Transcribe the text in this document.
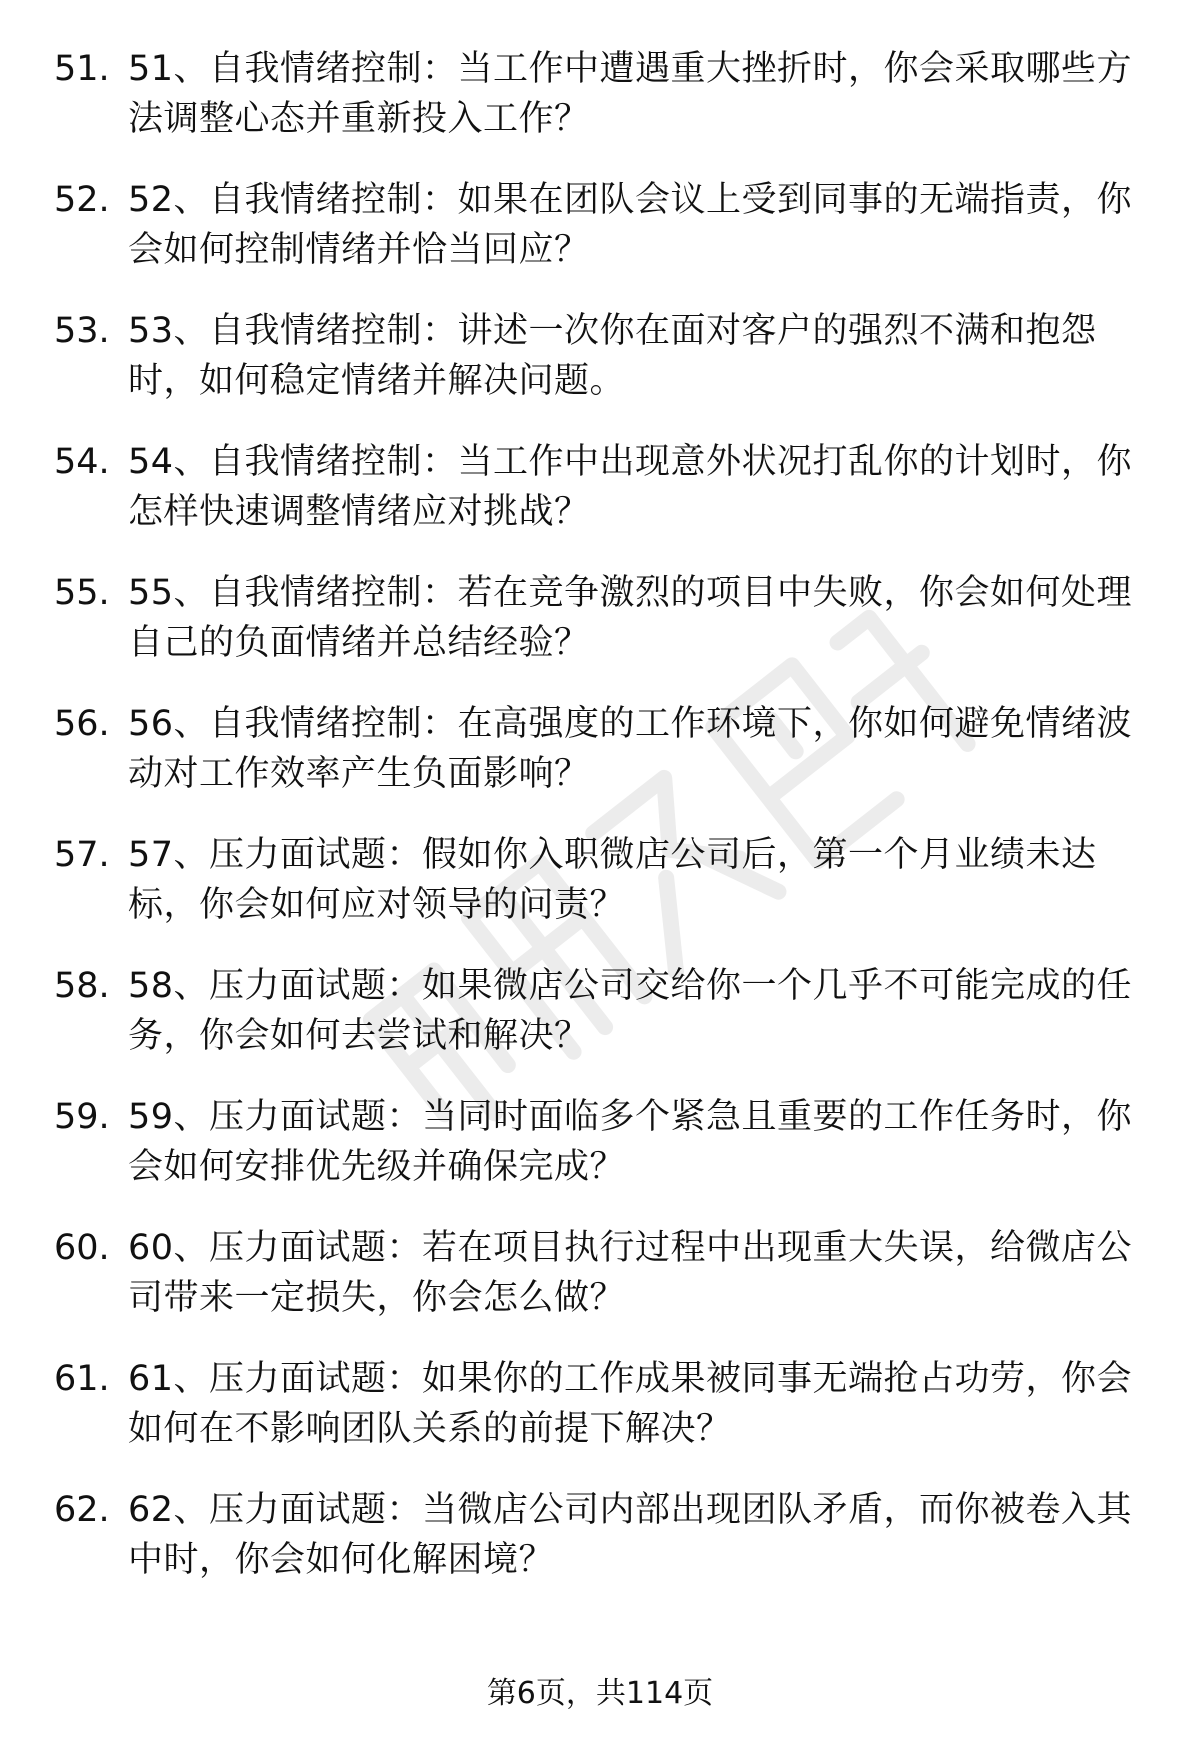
51. 51、自我情绪控制：当工作中遭遇重大挫折时，你会采取哪些方法调整心态并重新投入工作？
52. 52、自我情绪控制：如果在团队会议上受到同事的无端指责，你会如何控制情绪并恰当回应？
53. 53、自我情绪控制：讲述一次你在面对客户的强烈不满和抱怨时，如何稳定情绪并解决问题。
54. 54、自我情绪控制：当工作中出现意外状况打乱你的计划时，你怎样快速调整情绪应对挑战？
55. 55、自我情绪控制：若在竞争激烈的项目中失败，你会如何处理自己的负面情绪并总结经验？
56. 56、自我情绪控制：在高强度的工作环境下，你如何避免情绪波动对工作效率产生负面影响？
57. 57、压力面试题：假如你入职微店公司后，第一个月业绩未达标，你会如何应对领导的问责？
58. 58、压力面试题：如果微店公司交给你一个几乎不可能完成的任务，你会如何去尝试和解决？
59. 59、压力面试题：当同时面临多个紧急且重要的工作任务时，你会如何安排优先级并确保完成？
60. 60、压力面试题：若在项目执行过程中出现重大失误，给微店公司带来一定损失，你会怎么做？
61. 61、压力面试题：如果你的工作成果被同事无端抢占功劳，你会如何在不影响团队关系的前提下解决？
62. 62、压力面试题：当微店公司内部出现团队矛盾，而你被卷入其中时，你会如何化解困境？
第6页，共114页
